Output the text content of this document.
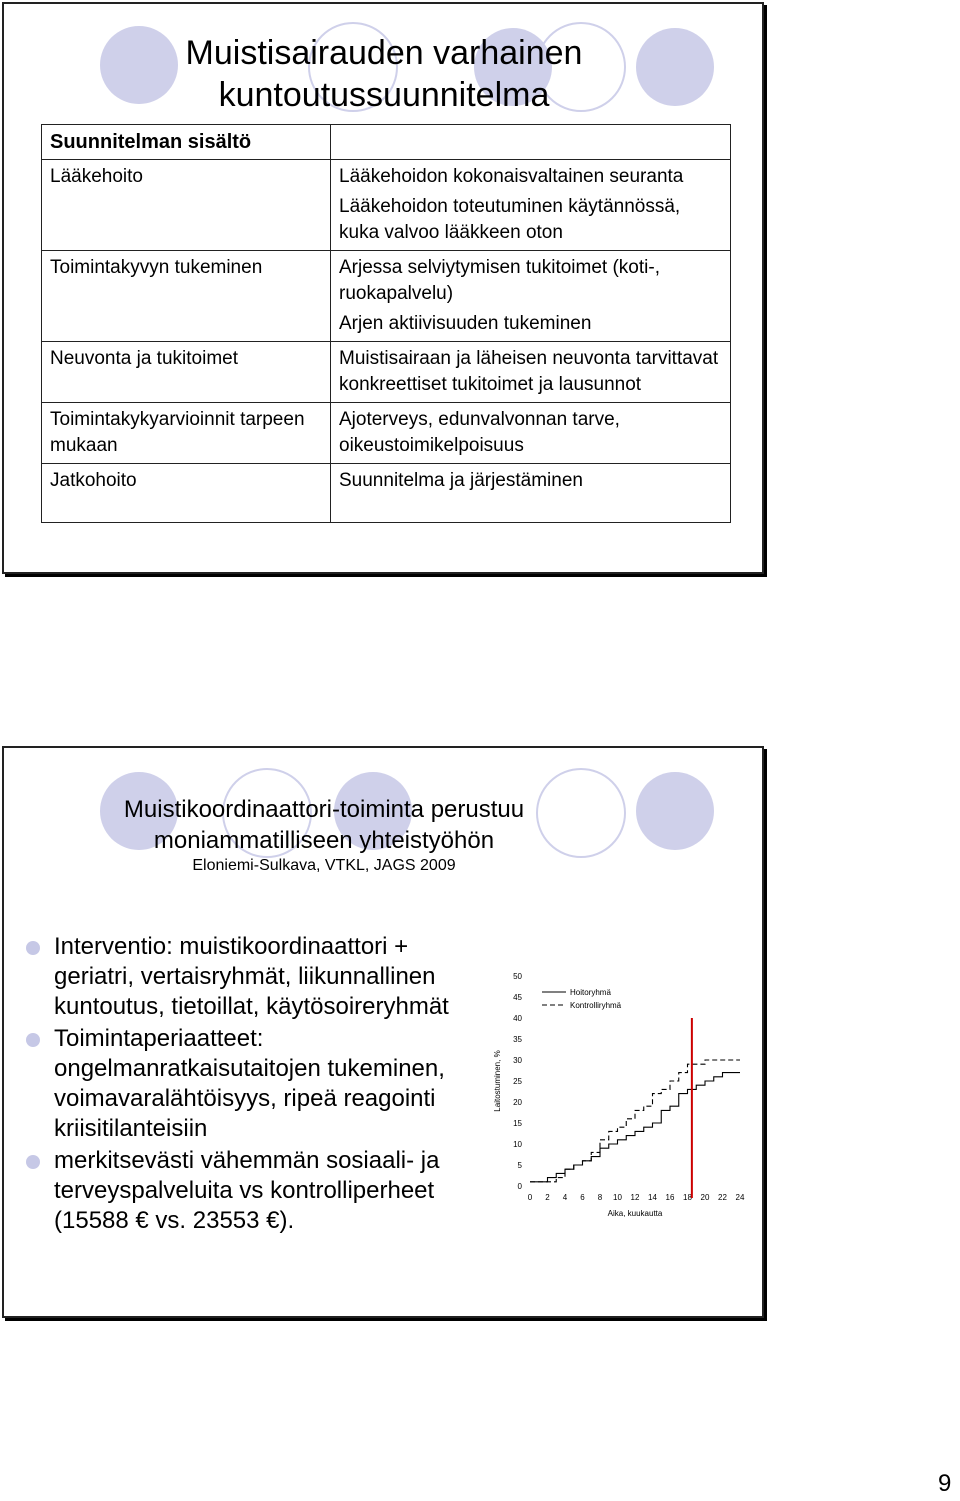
Muistisairauden varhainen kuntoutussuunnitelma
Suunnitelman sisältö	
Lääkehoito	Lääkehoidon kokonaisvaltainen seuranta
Lääkehoidon toteutuminen käytännössä, kuka valvoo lääkkeen oton

Toimintakyvyn tukeminen	Arjessa selviytymisen tukitoimet (koti-, ruokapalvelu)
Arjen aktiivisuuden tukeminen

Neuvonta ja tukitoimet	Muistisairaan ja läheisen neuvonta tarvittavat konkreettiset tukitoimet ja lausunnot

Toimintakykyarvioinnit tarpeen mukaan	Ajoterveys, edunvalvonnan tarve, oikeustoimikelpoisuus

Jatkohoito	Suunnitelma ja järjestäminen
Muistikoordinaattori-toiminta perustuu moniammatilliseen yhteistyöhön
Eloniemi-Sulkava, VTKL, JAGS 2009
Interventio: muistikoordinaattori + geriatri, vertaisryhmät, liikunnallinen kuntoutus, tietoillat, käytösoireryhmät
Toimintaperiaatteet: ongelmanratkaisutaitojen tukeminen, voimavaralähtöisyys, ripeä reagointi kriisitilanteisiin
merkitsevästi vähemmän sosiaali- ja terveyspalveluita vs kontrolliperheet (15588 € vs. 23553 €).
0
5
10
15
20
25
30
35
40
45
50
0 2 4 6 8 10 12 14 16 18 20 22 24
Aika, kuukautta
Laitostuminen, %
Hoitoryhmä
Kontrolliryhmä
9
